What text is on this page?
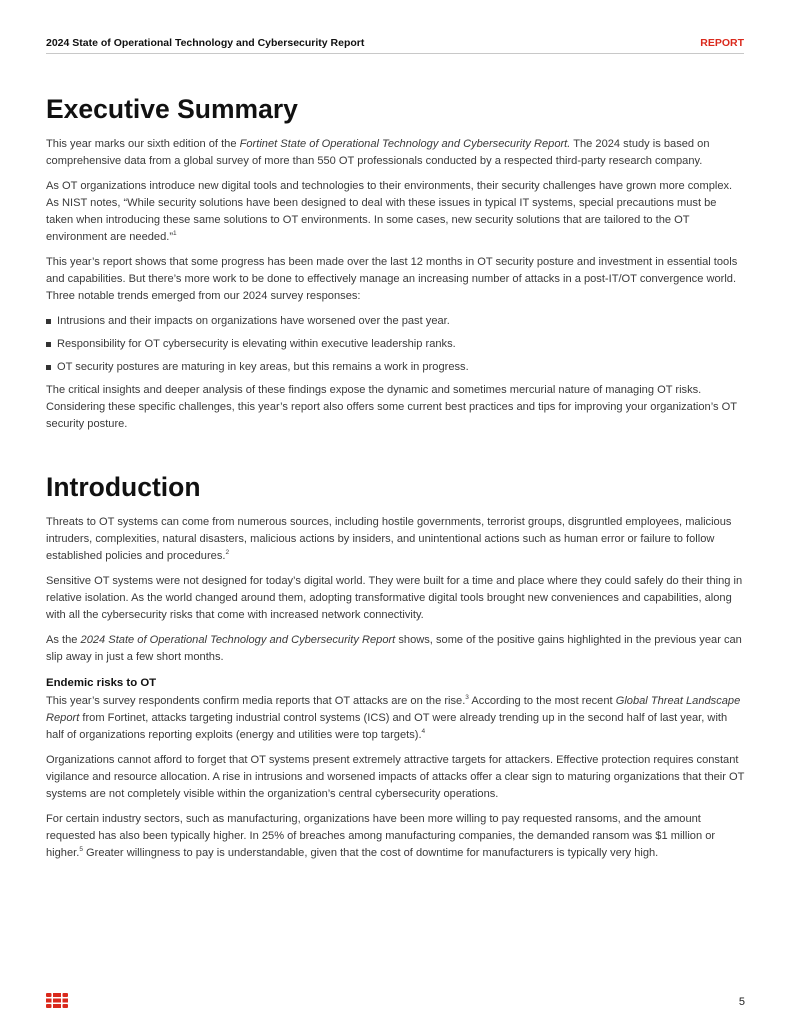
2024 State of Operational Technology and Cybersecurity Report	REPORT
Executive Summary

This year marks our sixth edition of the Fortinet State of Operational Technology and Cybersecurity Report. The 2024 study is based on comprehensive data from a global survey of more than 550 OT professionals conducted by a respected third-party research company.

As OT organizations introduce new digital tools and technologies to their environments, their security challenges have grown more complex. As NIST notes, “While security solutions have been designed to deal with these issues in typical IT systems, special precautions must be taken when introducing these same solutions to OT environments. In some cases, new security solutions that are tailored to the OT environment are needed.”$^1$

This year’s report shows that some progress has been made over the last 12 months in OT security posture and investment in essential tools and capabilities. But there’s more work to be done to effectively manage an increasing number of attacks in a post-IT/OT convergence world. Three notable trends emerged from our 2024 survey responses:

Intrusions and their impacts on organizations have worsened over the past year.
Responsibility for OT cybersecurity is elevating within executive leadership ranks.
OT security postures are maturing in key areas, but this remains a work in progress.

The critical insights and deeper analysis of these findings expose the dynamic and sometimes mercurial nature of managing OT risks. Considering these specific challenges, this year’s report also offers some current best practices and tips for improving your organization’s OT security posture.

Introduction

Threats to OT systems can come from numerous sources, including hostile governments, terrorist groups, disgruntled employees, malicious intruders, complexities, natural disasters, malicious actions by insiders, and unintentional actions such as human error or failure to follow established policies and procedures.$^2$

Sensitive OT systems were not designed for today’s digital world. They were built for a time and place where they could safely do their thing in relative isolation. As the world changed around them, adopting transformative digital tools brought new conveniences and capabilities, along with all the cybersecurity risks that come with increased network connectivity.

As the 2024 State of Operational Technology and Cybersecurity Report shows, some of the positive gains highlighted in the previous year can slip away in just a few short months.

Endemic risks to OT

This year’s survey respondents confirm media reports that OT attacks are on the rise.$^3$ According to the most recent Global Threat Landscape Report from Fortinet, attacks targeting industrial control systems (ICS) and OT were already trending up in the second half of last year, with half of organizations reporting exploits (energy and utilities were top targets).$^4$

Organizations cannot afford to forget that OT systems present extremely attractive targets for attackers. Effective protection requires constant vigilance and resource allocation. A rise in intrusions and worsened impacts of attacks offer a clear sign to maturing organizations that their OT systems are not completely visible within the organization’s central cybersecurity operations.

For certain industry sectors, such as manufacturing, organizations have been more willing to pay requested ransoms, and the amount requested has also been typically higher. In 25% of breaches among manufacturing companies, the demanded ransom was $1 million or higher.$^5$ Greater willingness to pay is understandable, given that the cost of downtime for manufacturers is typically very high.

5
